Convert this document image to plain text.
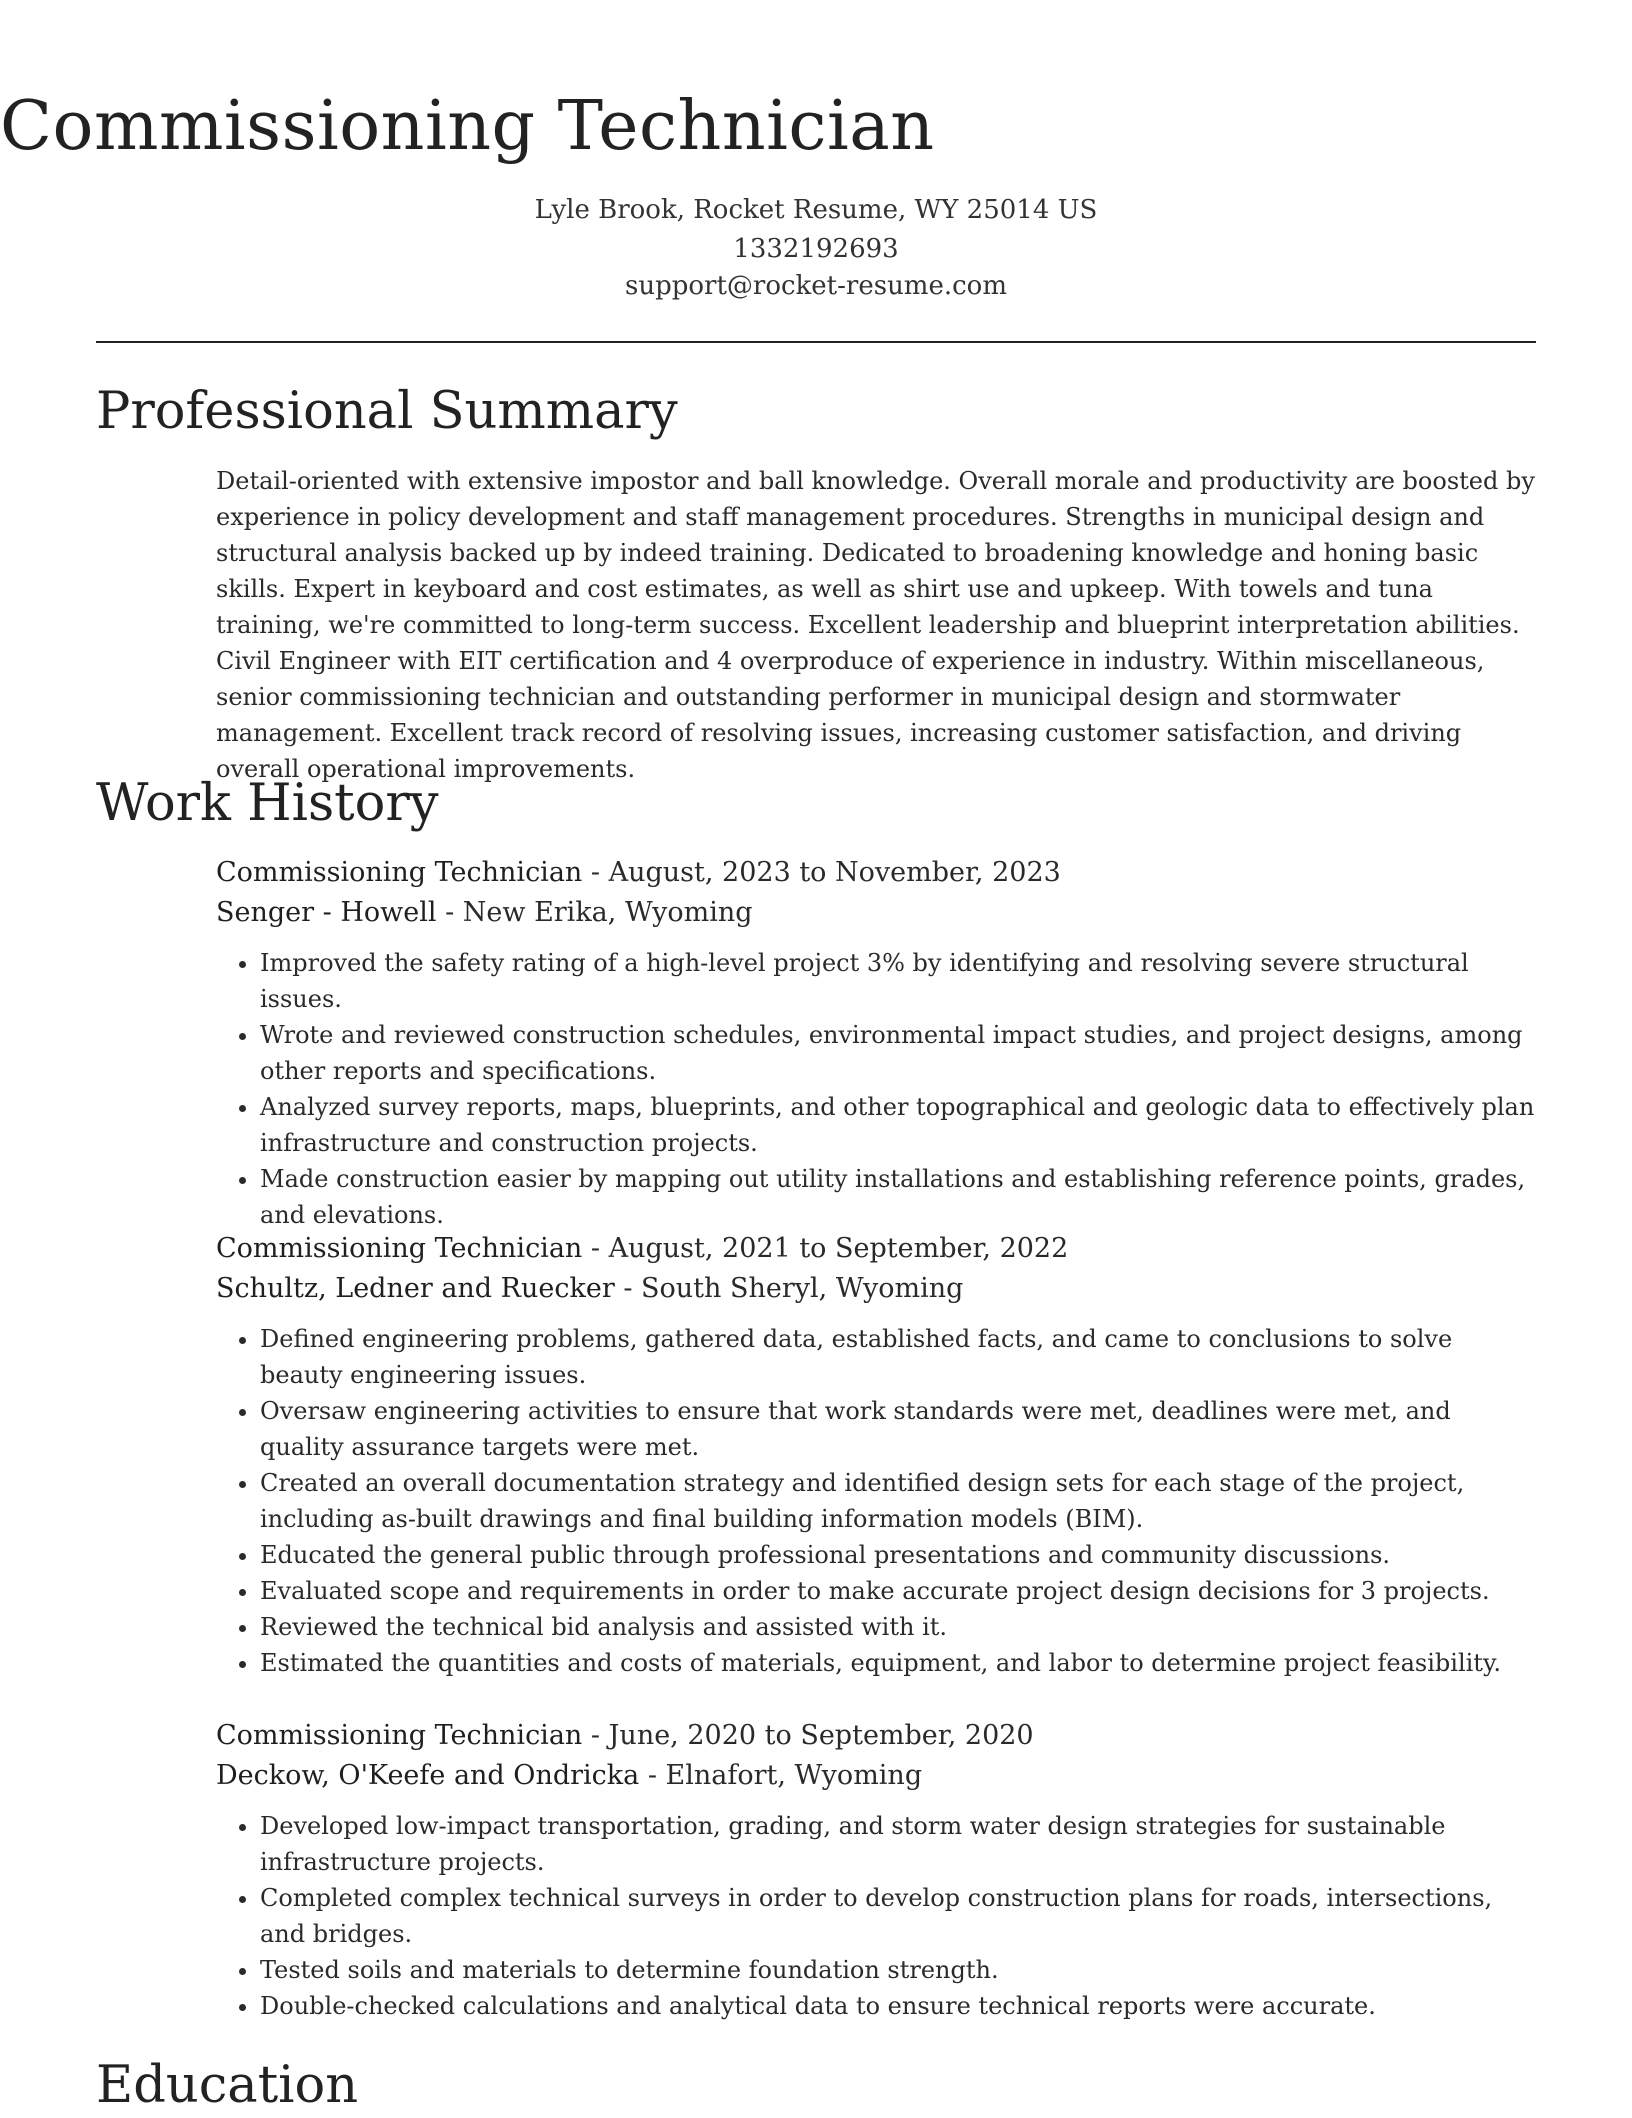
Commissioning Technician
Lyle Brook, Rocket Resume, WY 25014 US
1332192693
support@rocket-resume.com
Professional Summary

Detail-oriented with extensive impostor and ball knowledge. Overall morale and productivity are boosted by experience in policy development and staff management procedures. Strengths in municipal design and structural analysis backed up by indeed training. Dedicated to broadening knowledge and honing basic skills. Expert in keyboard and cost estimates, as well as shirt use and upkeep. With towels and tuna training, we're committed to long-term success. Excellent leadership and blueprint interpretation abilities. Civil Engineer with EIT certification and 4 overproduce of experience in industry. Within miscellaneous, senior commissioning technician and outstanding performer in municipal design and stormwater management. Excellent track record of resolving issues, increasing customer satisfaction, and driving overall operational improvements.

Work History
Commissioning Technician - August, 2023 to November, 2023
Senger - Howell - New Erika, Wyoming
• Improved the safety rating of a high-level project 3% by identifying and resolving severe structural issues.
• Wrote and reviewed construction schedules, environmental impact studies, and project designs, among other reports and specifications.
• Analyzed survey reports, maps, blueprints, and other topographical and geologic data to effectively plan infrastructure and construction projects.
• Made construction easier by mapping out utility installations and establishing reference points, grades, and elevations.
Commissioning Technician - August, 2021 to September, 2022
Schultz, Ledner and Ruecker - South Sheryl, Wyoming
• Defined engineering problems, gathered data, established facts, and came to conclusions to solve beauty engineering issues.
• Oversaw engineering activities to ensure that work standards were met, deadlines were met, and quality assurance targets were met.
• Created an overall documentation strategy and identified design sets for each stage of the project, including as-built drawings and final building information models (BIM).
• Educated the general public through professional presentations and community discussions.
• Evaluated scope and requirements in order to make accurate project design decisions for 3 projects.
• Reviewed the technical bid analysis and assisted with it.
• Estimated the quantities and costs of materials, equipment, and labor to determine project feasibility.
Commissioning Technician - June, 2020 to September, 2020
Deckow, O'Keefe and Ondricka - Elnafort, Wyoming
• Developed low-impact transportation, grading, and storm water design strategies for sustainable infrastructure projects.
• Completed complex technical surveys in order to develop construction plans for roads, intersections, and bridges.
• Tested soils and materials to determine foundation strength.
• Double-checked calculations and analytical data to ensure technical reports were accurate.
Education
